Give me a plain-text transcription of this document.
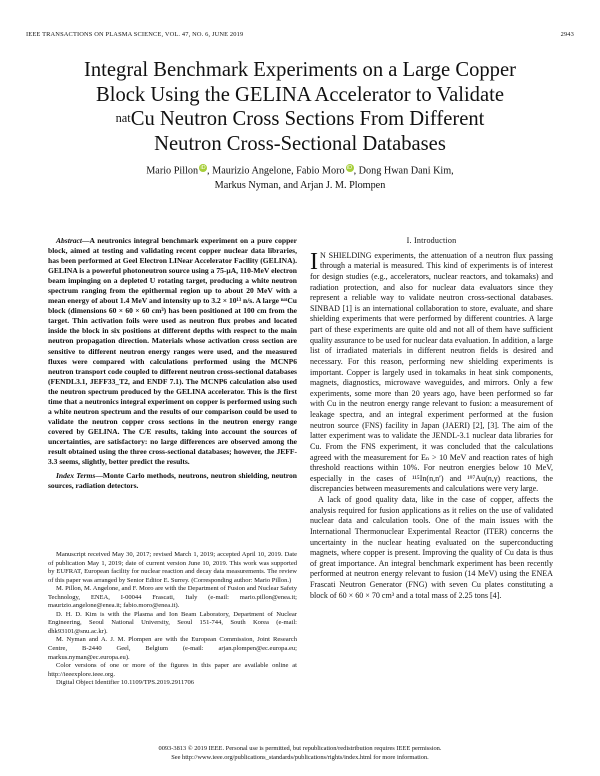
IEEE TRANSACTIONS ON PLASMA SCIENCE, VOL. 47, NO. 6, JUNE 2019	2943
Integral Benchmark Experiments on a Large Copper
Block Using the GELINA Accelerator to Validate
$^{nat}$Cu Neutron Cross Sections From Different
Neutron Cross-Sectional Databases
Mario Pillon iD, Maurizio Angelone, Fabio Moro iD, Dong Hwan Dani Kim,
Markus Nyman, and Arjan J. M. Plompen

Abstract—A neutronics integral benchmark experiment on a pure copper block, aimed at testing and validating recent copper nuclear data libraries, has been performed at Geel Electron LINear Accelerator Facility (GELINA). GELINA is a powerful photoneutron source using a 75-μA, 110-MeV electron beam impinging on a depleted U rotating target, producing a white neutron spectrum ranging from the epithermal region up to about 20 MeV with a mean energy of about 1.4 MeV and intensity up to 3.2 × 10¹³ n/s. A large ⁿᵃᵗCu block (dimensions 60 × 60 × 60 cm³) has been positioned at 100 cm from the target. Thin activation foils were used as neutron flux probes and located inside the block in six positions at different depths with respect to the main neutron propagation direction. Materials whose activation cross section are sensitive to different neutron energy ranges were used, and the measured fluxes were compared with calculations performed using the MCNP6 neutron transport code coupled to different neutron cross-sectional databases (FENDL3.1, JEFF33_T2, and ENDF 7.1). The MCNP6 calculation also used the neutron spectrum produced by the GELINA accelerator. This is the first time that a neutronics integral experiment on copper is performed using such a white neutron spectrum and the results of our comparison could be used to validate the neutron copper cross sections in the neutron energy range covered by GELINA. The C/E results, taking into account the sources of uncertainties, are satisfactory: no large differences are observed among the result obtained using the three cross-sectional databases; however, the JEFF-3.3 seems, slightly, better predict the results.

Index Terms—Monte Carlo methods, neutrons, neutron shielding, neutron sources, radiation detectors.

Manuscript received May 30, 2017; revised March 1, 2019; accepted April 10, 2019. Date of publication May 1, 2019; date of current version June 10, 2019. This work was supported by EUFRAT, European facility for nuclear reaction and decay data measurements. The review of this paper was arranged by Senior Editor E. Surrey. (Corresponding author: Mario Pillon.)

M. Pillon, M. Angelone, and F. Moro are with the Department of Fusion and Nuclear Safety Technology, ENEA, I-00044 Frascati, Italy (e-mail: mario.pillon@enea.it; maurizio.angelone@enea.it; fabio.moro@enea.it).

D. H. D. Kim is with the Plasma and Ion Beam Laboratory, Department of Nuclear Engineering, Seoul National University, Seoul 151-744, South Korea (e-mail: dhk93101@snu.ac.kr).

M. Nyman and A. J. M. Plompen are with the European Commission, Joint Research Centre, B-2440 Geel, Belgium (e-mail: arjan.plompen@ec.europa.eu; markus.nyman@ec.europa.eu).

Color versions of one or more of the figures in this paper are available online at http://ieeexplore.ieee.org.

Digital Object Identifier 10.1109/TPS.2019.2911706

I. Introduction

I N SHIELDING experiments, the attenuation of a neutron flux passing through a material is measured. This kind of experiments is of interest for design studies (e.g., accelerators, nuclear reactors, and tokamaks) and radiation protection, and also for nuclear data evaluators since they represent a reliable way to validate neutron cross-sectional databases. SINBAD [1] is an international collaboration to store, evaluate, and share shielding experiments that were performed by different countries. A large part of these experiments are quite old and not all of them have sufficient quality assurance to be used for nuclear data evaluation. In addition, a large list of irradiated materials in different neutron fields is desired and necessary. For this reason, performing new shielding experiments is important. Copper is largely used in tokamaks in heat sink components, magnets, diagnostics, microwave waveguides, and mirrors. Only a few experiments, some more than 20 years ago, have been performed so far with Cu in the neutron energy range relevant to fusion: a measurement of leakage spectra, and an integral experiment performed at the fusion neutron source (FNS) facility in Japan (JAERI) [2], [3]. The aim of the latter experiment was to validate the JENDL-3.1 nuclear data libraries for Cu. From the FNS experiment, it was concluded that the calculations agreed with the measurement for Eₙ > 10 MeV and reaction rates of high threshold reactions within 10%. For neutron energies below 10 MeV, especially in the cases of ¹¹⁵In(n,n′) and ¹⁹⁷Au(n,γ) reactions, the discrepancies between measurements and calculations were very large.

A lack of good quality data, like in the case of copper, affects the analysis required for fusion applications as it relies on the use of validated nuclear data and calculation tools. One of the main issues with the International Thermonuclear Experimental Reactor (ITER) concerns the uncertainty in the nuclear heating evaluated on the superconducting magnets, where copper is present. Improving the quality of Cu data is thus of great importance. An integral benchmark experiment has been recently performed at neutron energy relevant to fusion (14 MeV) using the ENEA Frascati Neutron Generator (FNG) with seven Cu plates constituting a block of 60 × 60 × 70 cm³ and a total mass of 2.25 tons [4].

0093-3813 © 2019 IEEE. Personal use is permitted, but republication/redistribution requires IEEE permission.
See http://www.ieee.org/publications_standards/publications/rights/index.html for more information.
